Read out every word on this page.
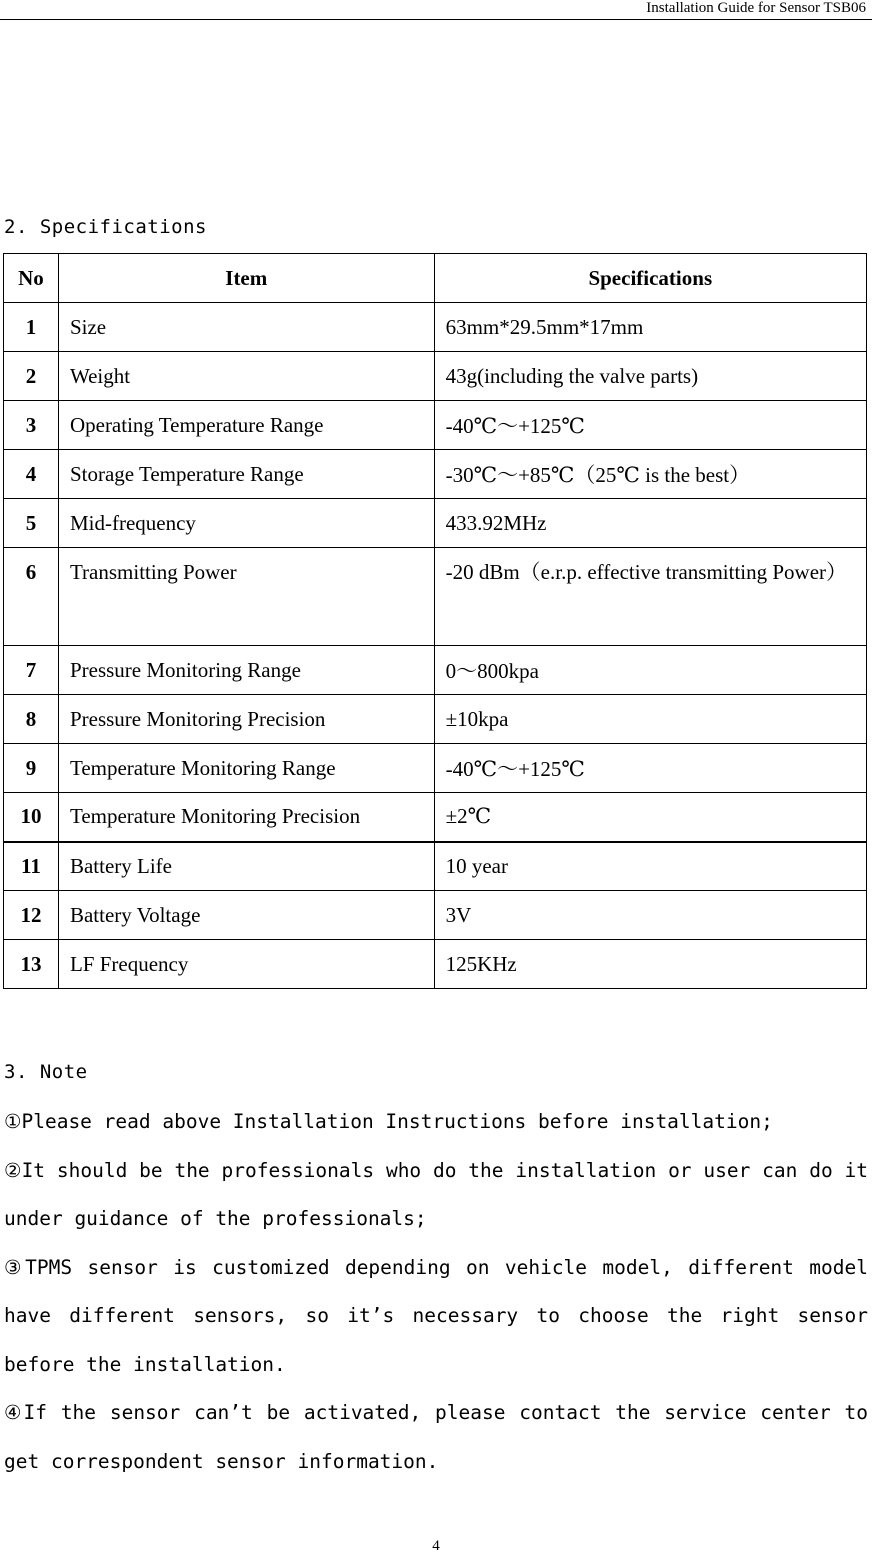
Installation Guide for Sensor TSB06
2. Specifications
No	Item	Specifications
1	Size	63mm*29.5mm*17mm
2	Weight	43g(including the valve parts)
3	Operating Temperature Range	-40℃～+125℃
4	Storage Temperature Range	-30℃～+85℃（25℃ is the best）
5	Mid-frequency	433.92MHz
6	Transmitting Power	-20 dBm（e.r.p. effective transmitting Power）
7	Pressure Monitoring Range	0～800kpa
8	Pressure Monitoring Precision	±10kpa
9	Temperature Monitoring Range	-40℃～+125℃
10	Temperature Monitoring Precision	±2℃
11	Battery Life	10 year
12	Battery Voltage	3V
13	LF Frequency	125KHz
3. Note

①Please read above Installation Instructions before installation;

②It should be the professionals who do the installation or user can do it under guidance of the professionals;

③TPMS sensor is customized depending on vehicle model, different model have different sensors, so it’s necessary to choose the right sensor before the installation.

④If the sensor can’t be activated, please contact the service center to get correspondent sensor information.

4
